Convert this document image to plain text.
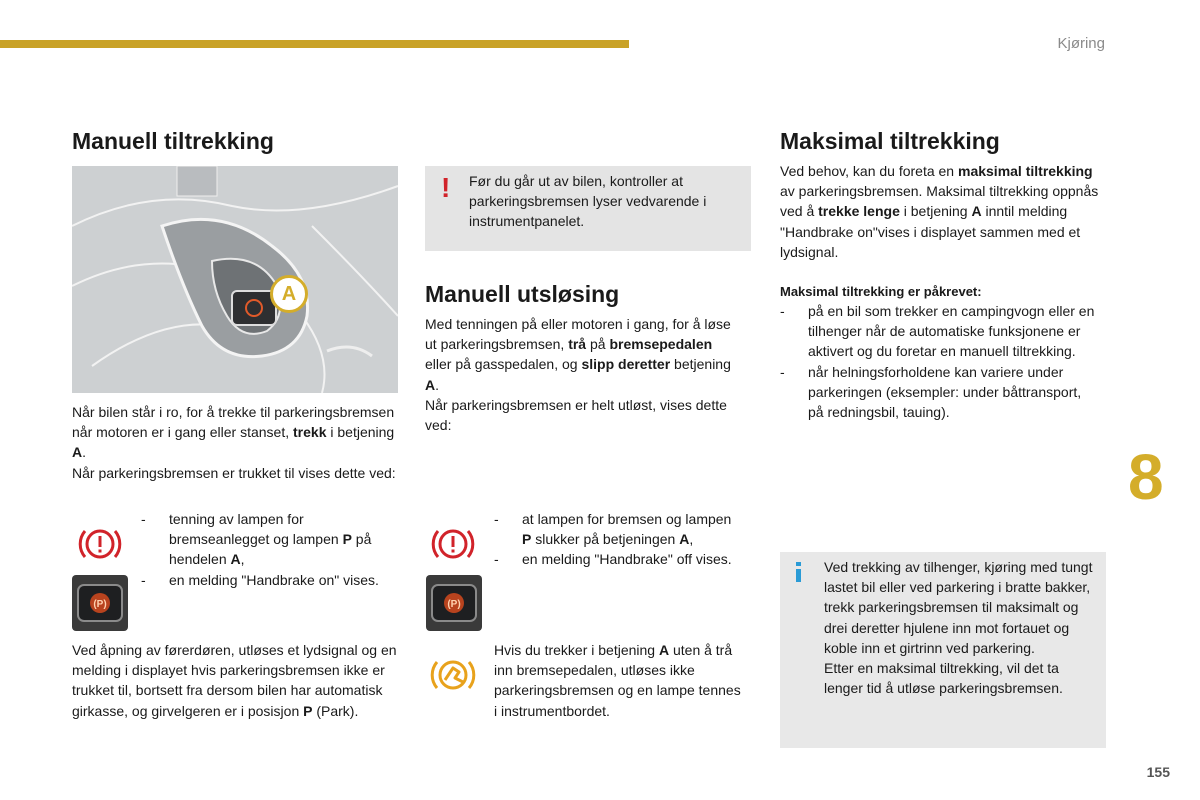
Kjøring
Manuell tiltrekking
A
Når bilen står i ro, for å trekke til parkeringsbremsen når motoren er i gang eller stanset, trekk i betjening A.
Når parkeringsbremsen er trukket til vises dette ved:
(P)
- tenning av lampen for bremseanlegget og lampen P på hendelen A,
- en melding "Handbrake on" vises.
Ved åpning av førerdøren, utløses et lydsignal og en melding i displayet hvis parkeringsbremsen ikke er trukket til, bortsett fra dersom bilen har automatisk girkasse, og girvelgeren er i posisjon P (Park).
! Før du går ut av bilen, kontroller at parkeringsbremsen lyser vedvarende i instrumentpanelet.
Manuell utsløsing
Med tenningen på eller motoren i gang, for å løse ut parkeringsbremsen, trå på bremsepedalen eller på gasspedalen, og slipp deretter betjening A.
Når parkeringsbremsen er helt utløst, vises dette ved:
(P)
- at lampen for bremsen og lampen P slukker på betjeningen A,
- en melding "Handbrake" off vises.
Hvis du trekker i betjening A uten å trå inn bremsepedalen, utløses ikke parkeringsbremsen og en lampe tennes i instrumentbordet.
Maksimal tiltrekking
Ved behov, kan du foreta en maksimal tiltrekking av parkeringsbremsen. Maksimal tiltrekking oppnås ved å trekke lenge i betjening A inntil melding "Handbrake on"vises i displayet sammen med et lydsignal.
Maksimal tiltrekking er påkrevet:
- på en bil som trekker en campingvogn eller en tilhenger når de automatiske funksjonene er aktivert og du foretar en manuell tiltrekking.
- når helningsforholdene kan variere under parkeringen (eksempler: under båttransport, på redningsbil, tauing).
8
Ved trekking av tilhenger, kjøring med tungt lastet bil eller ved parkering i bratte bakker, trekk parkeringsbremsen til maksimalt og drei deretter hjulene inn mot fortauet og koble inn et girtrinn ved parkering.
Etter en maksimal tiltrekking, vil det ta lenger tid å utløse parkeringsbremsen.
155
